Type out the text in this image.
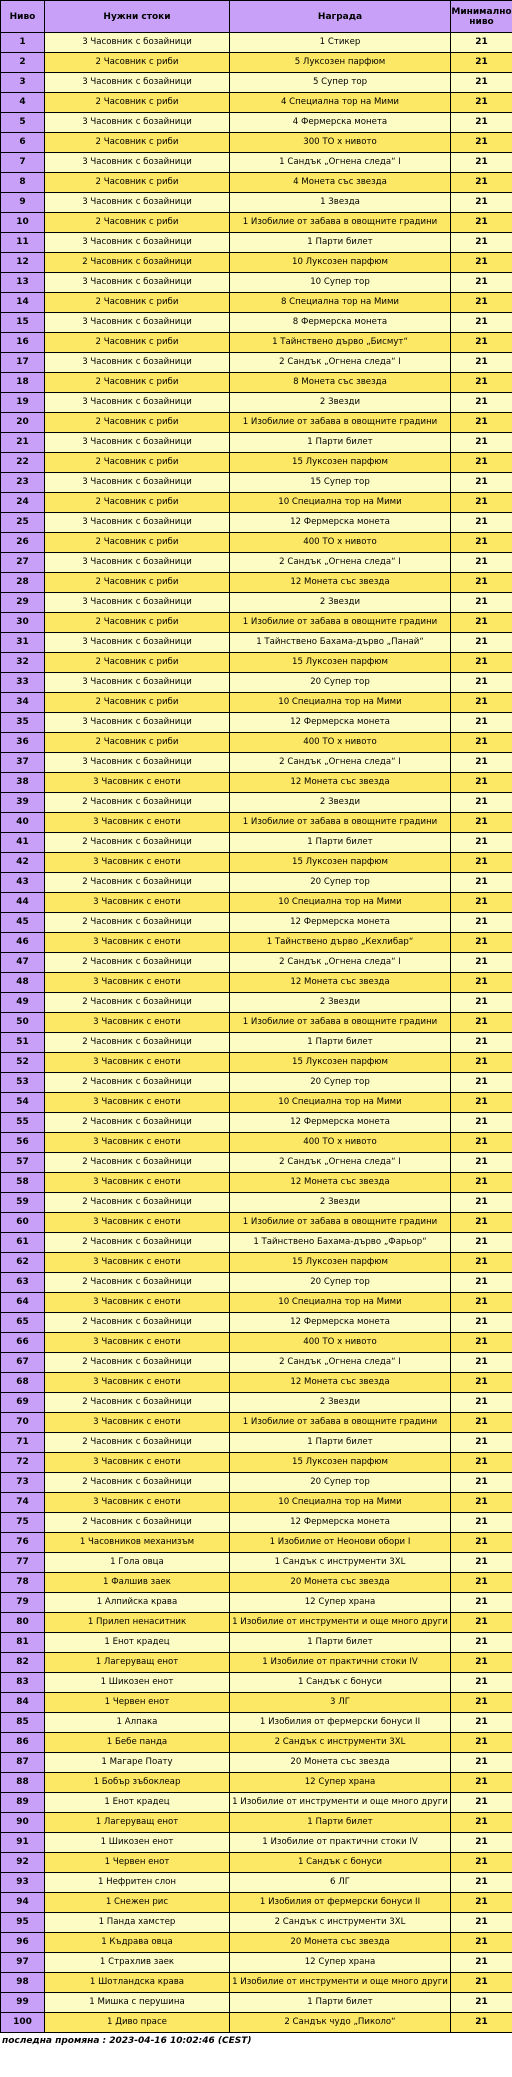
Ниво	Нужни стоки	Награда	Минимално ниво
1	3 Часовник с бозайници	1 Стикер	21
2	2 Часовник с риби	5 Луксозен парфюм	21
3	3 Часовник с бозайници	5 Супер тор	21
4	2 Часовник с риби	4 Специална тор на Мими	21
5	3 Часовник с бозайници	4 Фермерска монета	21
6	2 Часовник с риби	300 ТО х нивото	21
7	3 Часовник с бозайници	1 Сандък „Огнена следа“ I	21
8	2 Часовник с риби	4 Монета със звезда	21
9	3 Часовник с бозайници	1 Звезда	21
10	2 Часовник с риби	1 Изобилие от забава в овощните градини	21
11	3 Часовник с бозайници	1 Парти билет	21
12	2 Часовник с бозайници	10 Луксозен парфюм	21
13	3 Часовник с бозайници	10 Супер тор	21
14	2 Часовник с риби	8 Специална тор на Мими	21
15	3 Часовник с бозайници	8 Фермерска монета	21
16	2 Часовник с риби	1 Тайнствено дърво „Бисмут“	21
17	3 Часовник с бозайници	2 Сандък „Огнена следа“ I	21
18	2 Часовник с риби	8 Монета със звезда	21
19	3 Часовник с бозайници	2 Звезди	21
20	2 Часовник с риби	1 Изобилие от забава в овощните градини	21
21	3 Часовник с бозайници	1 Парти билет	21
22	2 Часовник с риби	15 Луксозен парфюм	21
23	3 Часовник с бозайници	15 Супер тор	21
24	2 Часовник с риби	10 Специална тор на Мими	21
25	3 Часовник с бозайници	12 Фермерска монета	21
26	2 Часовник с риби	400 ТО х нивото	21
27	3 Часовник с бозайници	2 Сандък „Огнена следа“ I	21
28	2 Часовник с риби	12 Монета със звезда	21
29	3 Часовник с бозайници	2 Звезди	21
30	2 Часовник с риби	1 Изобилие от забава в овощните градини	21
31	3 Часовник с бозайници	1 Тайнствено Бахама-дърво „Панай“	21
32	2 Часовник с риби	15 Луксозен парфюм	21
33	3 Часовник с бозайници	20 Супер тор	21
34	2 Часовник с риби	10 Специална тор на Мими	21
35	3 Часовник с бозайници	12 Фермерска монета	21
36	2 Часовник с риби	400 ТО х нивото	21
37	3 Часовник с бозайници	2 Сандък „Огнена следа“ I	21
38	3 Часовник с еноти	12 Монета със звезда	21
39	2 Часовник с бозайници	2 Звезди	21
40	3 Часовник с еноти	1 Изобилие от забава в овощните градини	21
41	2 Часовник с бозайници	1 Парти билет	21
42	3 Часовник с еноти	15 Луксозен парфюм	21
43	2 Часовник с бозайници	20 Супер тор	21
44	3 Часовник с еноти	10 Специална тор на Мими	21
45	2 Часовник с бозайници	12 Фермерска монета	21
46	3 Часовник с еноти	1 Тайнствено дърво „Кехлибар“	21
47	2 Часовник с бозайници	2 Сандък „Огнена следа“ I	21
48	3 Часовник с еноти	12 Монета със звезда	21
49	2 Часовник с бозайници	2 Звезди	21
50	3 Часовник с еноти	1 Изобилие от забава в овощните градини	21
51	2 Часовник с бозайници	1 Парти билет	21
52	3 Часовник с еноти	15 Луксозен парфюм	21
53	2 Часовник с бозайници	20 Супер тор	21
54	3 Часовник с еноти	10 Специална тор на Мими	21
55	2 Часовник с бозайници	12 Фермерска монета	21
56	3 Часовник с еноти	400 ТО х нивото	21
57	2 Часовник с бозайници	2 Сандък „Огнена следа“ I	21
58	3 Часовник с еноти	12 Монета със звезда	21
59	2 Часовник с бозайници	2 Звезди	21
60	3 Часовник с еноти	1 Изобилие от забава в овощните градини	21
61	2 Часовник с бозайници	1 Тайнствено Бахама-дърво „Фарьор“	21
62	3 Часовник с еноти	15 Луксозен парфюм	21
63	2 Часовник с бозайници	20 Супер тор	21
64	3 Часовник с еноти	10 Специална тор на Мими	21
65	2 Часовник с бозайници	12 Фермерска монета	21
66	3 Часовник с еноти	400 ТО х нивото	21
67	2 Часовник с бозайници	2 Сандък „Огнена следа“ I	21
68	3 Часовник с еноти	12 Монета със звезда	21
69	2 Часовник с бозайници	2 Звезди	21
70	3 Часовник с еноти	1 Изобилие от забава в овощните градини	21
71	2 Часовник с бозайници	1 Парти билет	21
72	3 Часовник с еноти	15 Луксозен парфюм	21
73	2 Часовник с бозайници	20 Супер тор	21
74	3 Часовник с еноти	10 Специална тор на Мими	21
75	2 Часовник с бозайници	12 Фермерска монета	21
76	1 Часовников механизъм	1 Изобилие от Неонови обори I	21
77	1 Гола овца	1 Сандък с инструменти 3XL	21
78	1 Фалшив заек	20 Монета със звезда	21
79	1 Алпийска крава	12 Супер храна	21
80	1 Прилеп ненаситник	1 Изобилие от инструменти и още много други	21
81	1 Енот крадец	1 Парти билет	21
82	1 Лагеруващ енот	1 Изобилие от практични стоки IV	21
83	1 Шикозен енот	1 Сандък с бонуси	21
84	1 Червен енот	3 ЛГ	21
85	1 Алпака	1 Изобилия от фермерски бонуси II	21
86	1 Бебе панда	2 Сандък с инструменти 3XL	21
87	1 Магаре Поату	20 Монета със звезда	21
88	1 Бобър зъбоклеар	12 Супер храна	21
89	1 Енот крадец	1 Изобилие от инструменти и още много други	21
90	1 Лагеруващ енот	1 Парти билет	21
91	1 Шикозен енот	1 Изобилие от практични стоки IV	21
92	1 Червен енот	1 Сандък с бонуси	21
93	1 Нефритен слон	6 ЛГ	21
94	1 Снежен рис	1 Изобилия от фермерски бонуси II	21
95	1 Панда хамстер	2 Сандък с инструменти 3XL	21
96	1 Къдрава овца	20 Монета със звезда	21
97	1 Страхлив заек	12 Супер храна	21
98	1 Шотландска крава	1 Изобилие от инструменти и още много други	21
99	1 Мишка с перушина	1 Парти билет	21
100	1 Диво прасе	2 Сандък чудо „Пиколо“	21
последна промяна : 2023-04-16 10:02:46 (CEST)
